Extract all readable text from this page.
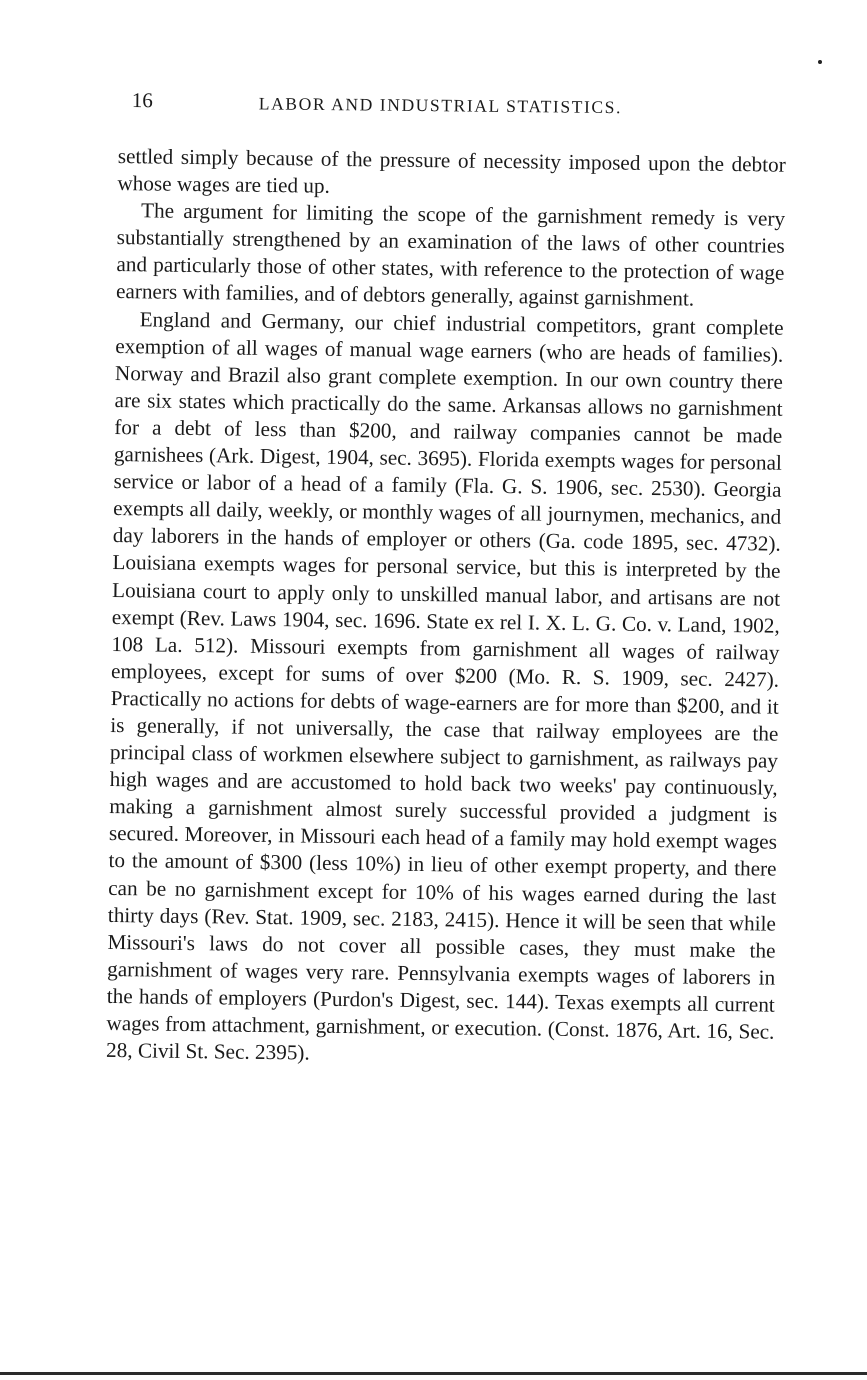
16	LABOR AND INDUSTRIAL STATISTICS.

settled simply because of the pressure of necessity imposed upon the debtor whose wages are tied up.

The argument for limiting the scope of the garnishment remedy is very substantially strengthened by an examination of the laws of other countries and particularly those of other states, with reference to the protection of wage earners with families, and of debtors generally, against garnishment.

England and Germany, our chief industrial competitors, grant complete exemption of all wages of manual wage earners (who are heads of families). Norway and Brazil also grant complete exemption. In our own country there are six states which practically do the same. Arkansas allows no garnishment for a debt of less than $200, and railway companies cannot be made garnishees (Ark. Digest, 1904, sec. 3695). Florida exempts wages for personal service or labor of a head of a family (Fla. G. S. 1906, sec. 2530). Georgia exempts all daily, weekly, or monthly wages of all journymen, mechanics, and day laborers in the hands of employer or others (Ga. code 1895, sec. 4732). Louisiana exempts wages for personal service, but this is interpreted by the Louisiana court to apply only to unskilled manual labor, and artisans are not exempt (Rev. Laws 1904, sec. 1696. State ex rel I. X. L. G. Co. v. Land, 1902, 108 La. 512). Missouri exempts from garnishment all wages of railway employees, except for sums of over $200 (Mo. R. S. 1909, sec. 2427). Practically no actions for debts of wage-earners are for more than $200, and it is generally, if not universally, the case that railway employees are the principal class of workmen elsewhere subject to garnishment, as railways pay high wages and are accustomed to hold back two weeks' pay continuously, making a garnishment almost surely successful provided a judgment is secured. Moreover, in Missouri each head of a family may hold exempt wages to the amount of $300 (less 10%) in lieu of other exempt property, and there can be no garnishment except for 10% of his wages earned during the last thirty days (Rev. Stat. 1909, sec. 2183, 2415). Hence it will be seen that while Missouri's laws do not cover all possible cases, they must make the garnishment of wages very rare. Pennsylvania exempts wages of laborers in the hands of employers (Purdon's Digest, sec. 144). Texas exempts all current wages from attachment, garnishment, or execution. (Const. 1876, Art. 16, Sec. 28, Civil St. Sec. 2395).
